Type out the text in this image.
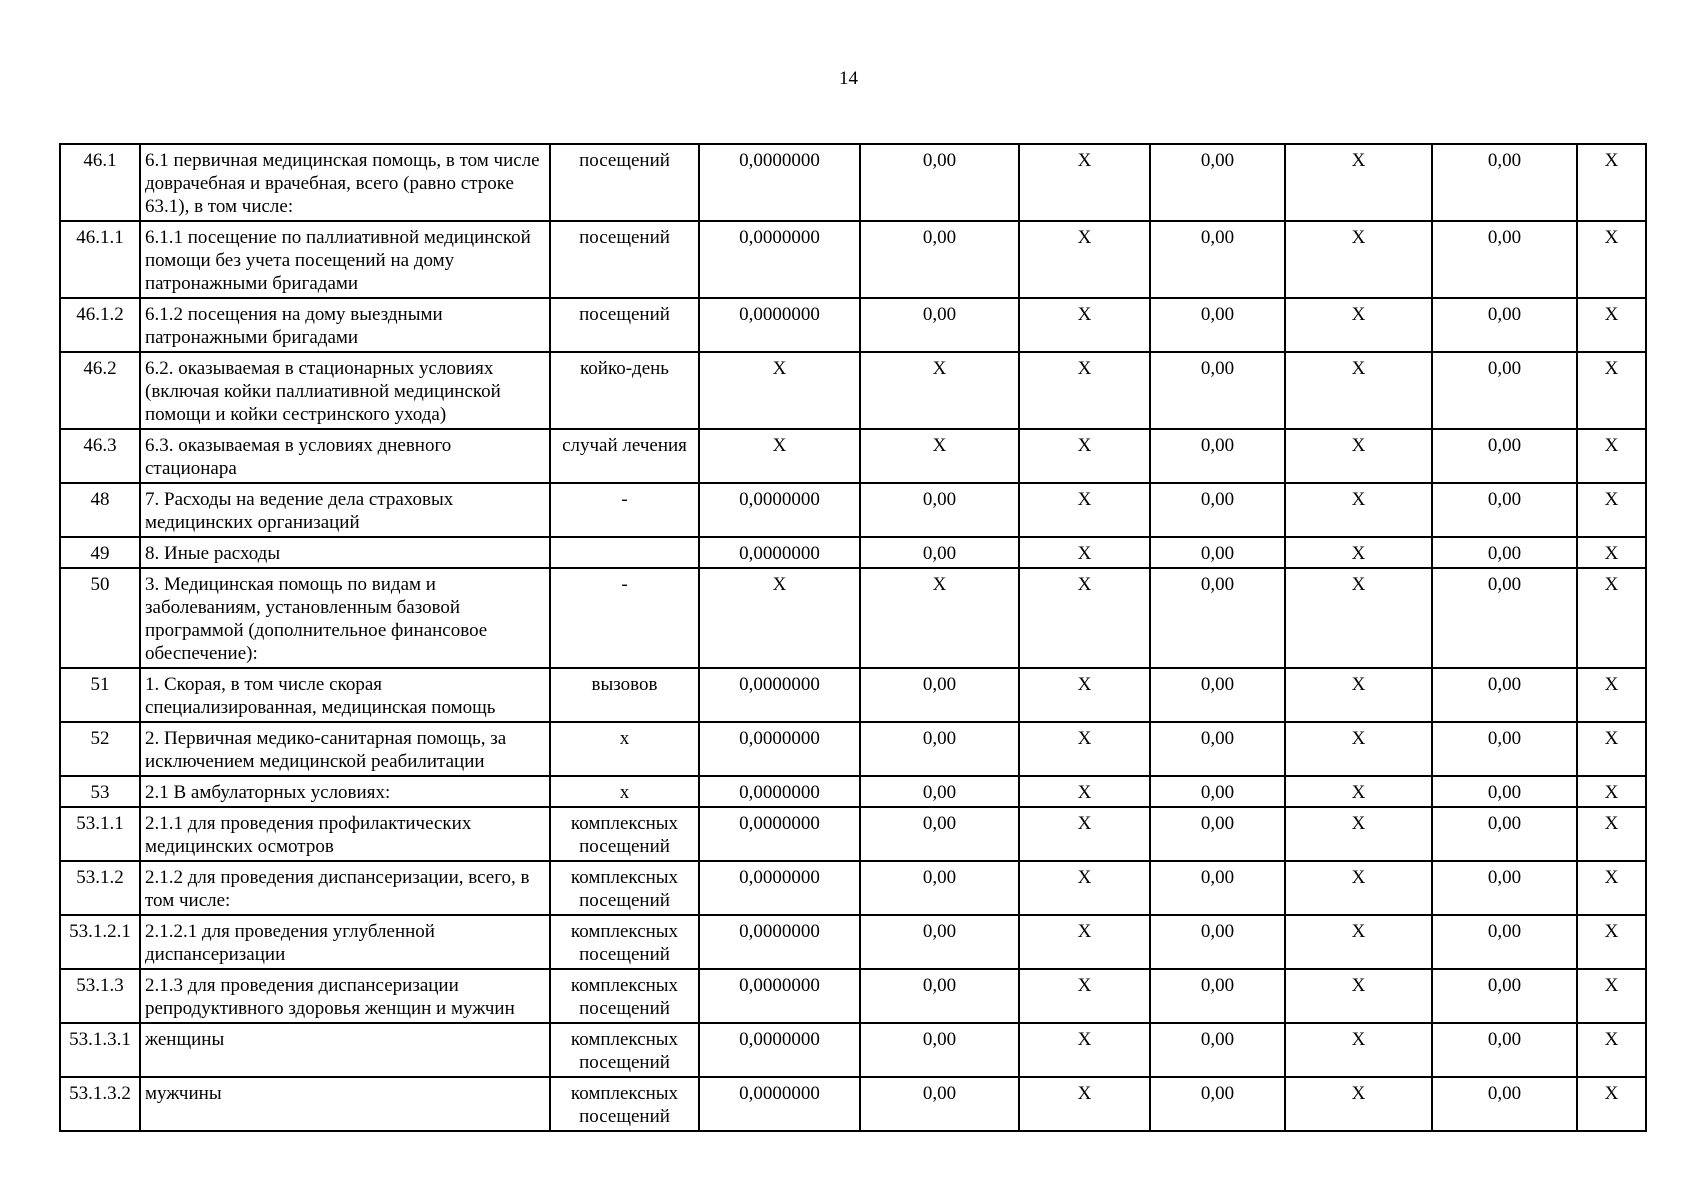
14
46.1	6.1 первичная медицинская помощь, в том числе доврачебная и врачебная, всего (равно строке 63.1), в том числе:	посещений	0,0000000	0,00	X	0,00	X	0,00	X
46.1.1	6.1.1 посещение по паллиативной медицинской помощи без учета посещений на дому патронажными бригадами	посещений	0,0000000	0,00	X	0,00	X	0,00	X
46.1.2	6.1.2 посещения на дому выездными патронажными бригадами	посещений	0,0000000	0,00	X	0,00	X	0,00	X
46.2	6.2. оказываемая в стационарных условиях (включая койки паллиативной медицинской помощи и койки сестринского ухода)	койко-день	X	X	X	0,00	X	0,00	X
46.3	6.3. оказываемая в условиях дневного стационара	случай лечения	X	X	X	0,00	X	0,00	X
48	7. Расходы на ведение дела страховых медицинских организаций	-	0,0000000	0,00	X	0,00	X	0,00	X
49	8. Иные расходы		0,0000000	0,00	X	0,00	X	0,00	X
50	3. Медицинская помощь по видам и заболеваниям, установленным базовой программой (дополнительное финансовое обеспечение):	-	X	X	X	0,00	X	0,00	X
51	1. Скорая, в том числе скорая специализированная, медицинская помощь	вызовов	0,0000000	0,00	X	0,00	X	0,00	X
52	2. Первичная медико-санитарная помощь, за исключением медицинской реабилитации	х	0,0000000	0,00	X	0,00	X	0,00	X
53	2.1 В амбулаторных условиях:	х	0,0000000	0,00	X	0,00	X	0,00	X
53.1.1	2.1.1 для проведения профилактических медицинских осмотров	комплексных посещений	0,0000000	0,00	X	0,00	X	0,00	X
53.1.2	2.1.2 для проведения диспансеризации, всего, в том числе:	комплексных посещений	0,0000000	0,00	X	0,00	X	0,00	X
53.1.2.1	2.1.2.1 для проведения углубленной диспансеризации	комплексных посещений	0,0000000	0,00	X	0,00	X	0,00	X
53.1.3	2.1.3 для проведения диспансеризации репродуктивного здоровья женщин и мужчин	комплексных посещений	0,0000000	0,00	X	0,00	X	0,00	X
53.1.3.1	женщины	комплексных посещений	0,0000000	0,00	X	0,00	X	0,00	X
53.1.3.2	мужчины	комплексных посещений	0,0000000	0,00	X	0,00	X	0,00	X
